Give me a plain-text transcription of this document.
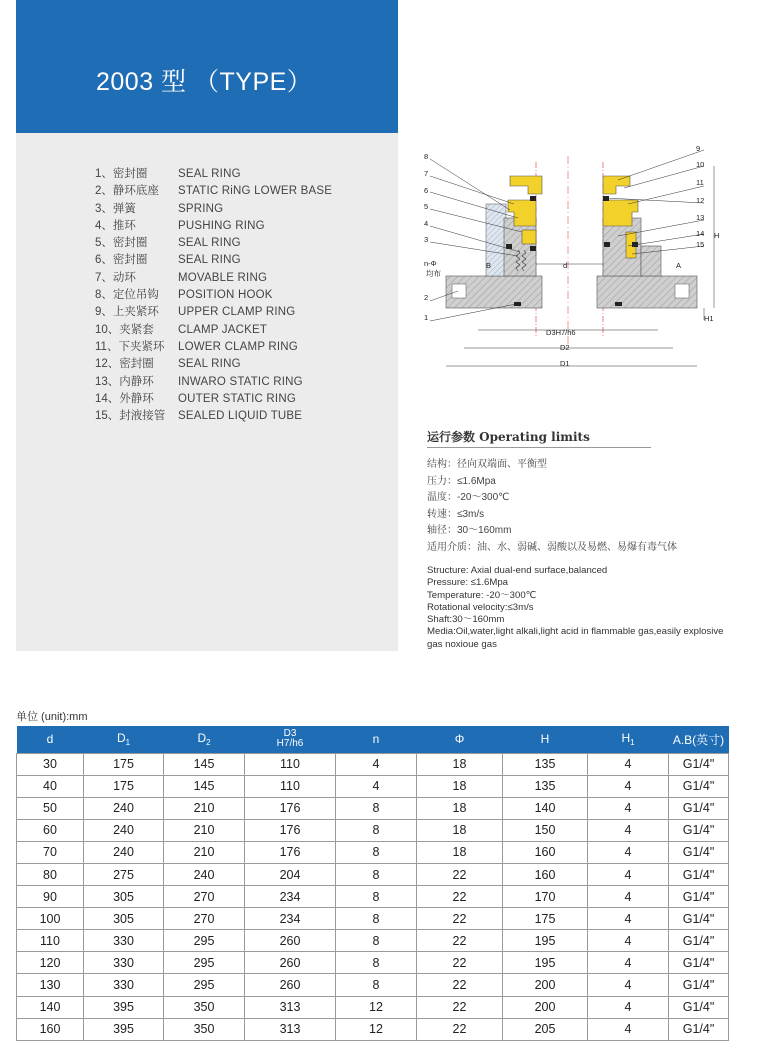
2003 型 （TYPE）
1、密封圈	SEAL RING
2、静环底座	STATIC RiNG LOWER BASE
3、弹簧	SPRING
4、推环	PUSHING RING
5、密封圈	SEAL RING
6、密封圈	SEAL RING
7、动环	MOVABLE RING
8、定位吊钩	POSITION HOOK
9、上夹紧环	UPPER CLAMP RING
10、夹紧套	CLAMP JACKET
11、下夹紧环	LOWER CLAMP RING
12、密封圈	SEAL RING
13、内静环	INWARO STATIC RING
14、外静环	OUTER STATIC RING
15、封液接管	SEALED LIQUID TUBE
8
7
6
5
4
3
n-Φ
均布
2
1
9
10
11
12
13
14
15
B	d	A
H
H1
D3H7/h6
D2
D1
运行参数 Operating limits
结构：径向双端面、平衡型
压力：≤1.6Mpa
温度：-20～300℃
转速：≤3m/s
轴径：30～160mm
适用介质：油、水、弱碱、弱酸以及易燃、易爆有毒气体
Structure: Axial dual-end surface,balanced
Pressure: ≤1.6Mpa
Temperature: -20～300℃
Rotational velocity:≤3m/s
Shaft:30～160mm
Media:Oil,water,light alkali,light acid in flammable gas,easily explosive
gas noxioue gas
单位 (unit):mm
d	$D_1$	$D_2$	D3
H7/h6	n	Φ	H	$H_1$	A.B(英寸)
30	175	145	110	4	18	135	4	G1/4"
40	175	145	110	4	18	135	4	G1/4"
50	240	210	176	8	18	140	4	G1/4"
60	240	210	176	8	18	150	4	G1/4"
70	240	210	176	8	18	160	4	G1/4"
80	275	240	204	8	22	160	4	G1/4"
90	305	270	234	8	22	170	4	G1/4"
100	305	270	234	8	22	175	4	G1/4"
110	330	295	260	8	22	195	4	G1/4"
120	330	295	260	8	22	195	4	G1/4"
130	330	295	260	8	22	200	4	G1/4"
140	395	350	313	12	22	200	4	G1/4"
160	395	350	313	12	22	205	4	G1/4"
